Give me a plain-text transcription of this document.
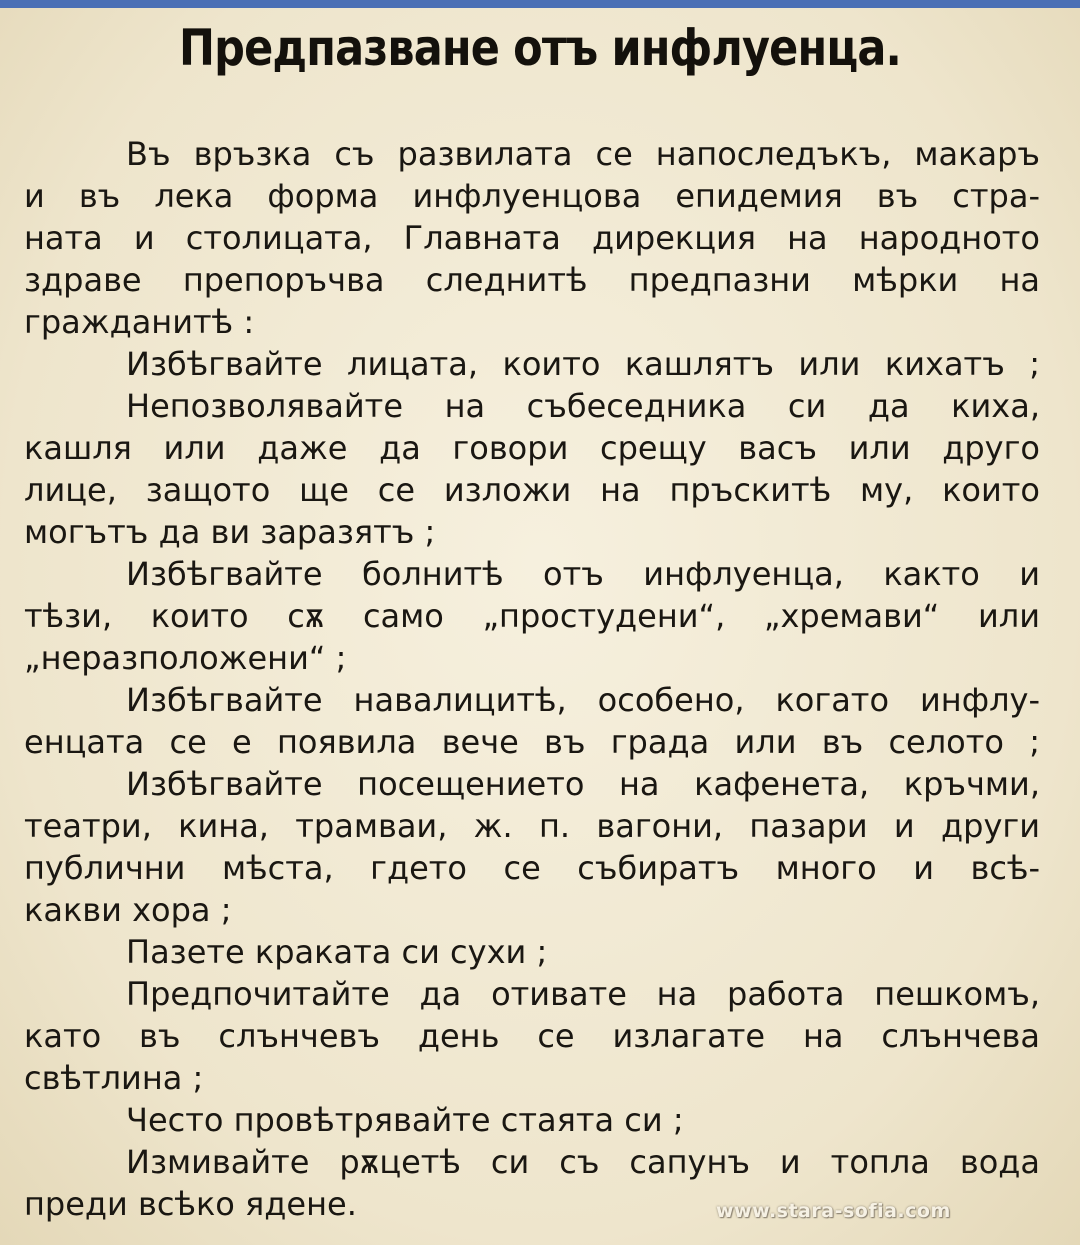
Предпазване отъ инфлуенца.
Въ връзка съ развилата се напоследъкъ, макаръ
и въ лека форма инфлуенцова епидемия въ стра-
ната и столицата, Главната дирекция на народното
здраве препоръчва следнитѣ предпазни мѣрки на
гражданитѣ :
Избѣгвайте лицата, които кашлятъ или кихатъ ;
Непозволявайте на събеседника си да киха,
кашля или даже да говори срещу васъ или друго
лице, защото ще се изложи на пръскитѣ му, които
могътъ да ви заразятъ ;
Избѣгвайте болнитѣ отъ инфлуенца, както и
тѣзи, които сѫ само „простудени“, „хремави“ или
„неразположени“ ;
Избѣгвайте навалицитѣ, особено, когато инфлу-
енцата се е появила вече въ града или въ селото ;
Избѣгвайте посещението на кафенета, кръчми,
театри, кина, трамваи, ж. п. вагони, пазари и други
публични мѣста, гдето се събиратъ много и всѣ-
какви хора ;
Пазете краката си сухи ;
Предпочитайте да отивате на работа пешкомъ,
като въ слънчевъ день се излагате на слънчева
свѣтлина ;
Често провѣтрявайте стаята си ;
Измивайте рѫцетѣ си съ сапунъ и топла вода
преди всѣко ядене.	www.stara-sofia.com
